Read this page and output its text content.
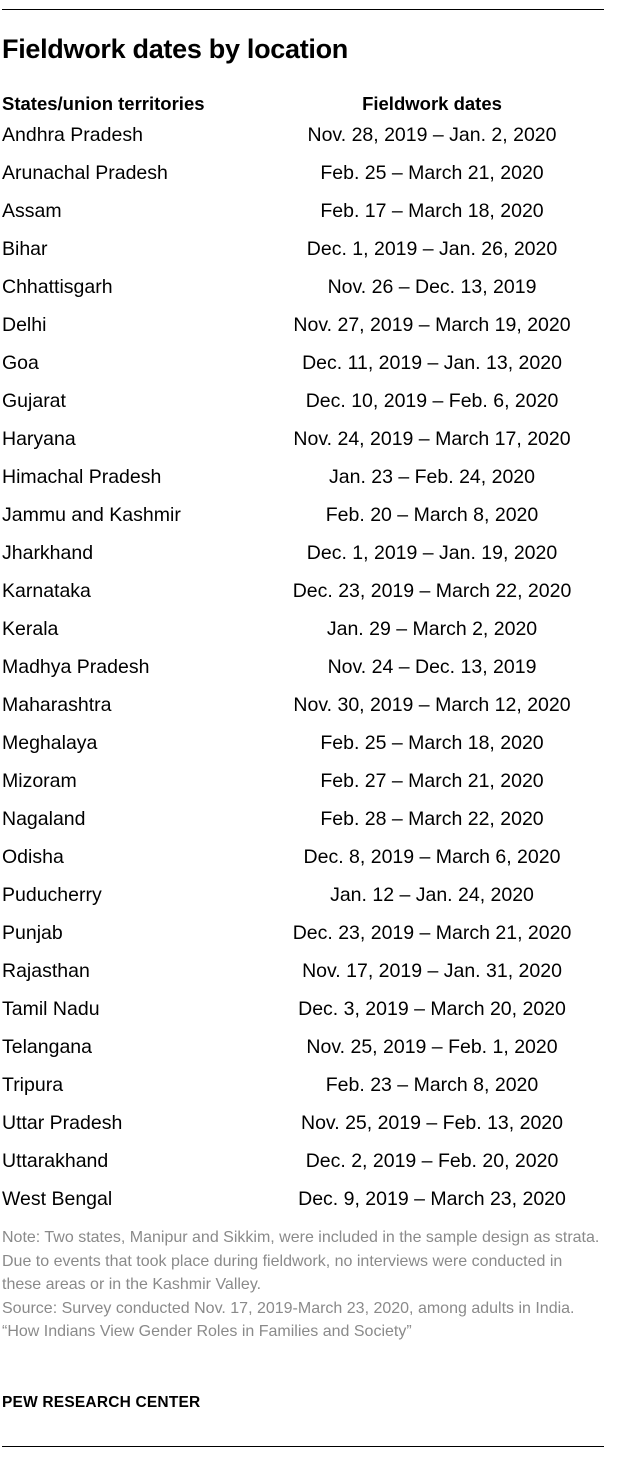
Fieldwork dates by location
States/union territories	Fieldwork dates
Andhra Pradesh	Nov. 28, 2019 – Jan. 2, 2020
Arunachal Pradesh	Feb. 25 – March 21, 2020
Assam	Feb. 17 – March 18, 2020
Bihar	Dec. 1, 2019 – Jan. 26, 2020
Chhattisgarh	Nov. 26 – Dec. 13, 2019
Delhi	Nov. 27, 2019 – March 19, 2020
Goa	Dec. 11, 2019 – Jan. 13, 2020
Gujarat	Dec. 10, 2019 – Feb. 6, 2020
Haryana	Nov. 24, 2019 – March 17, 2020
Himachal Pradesh	Jan. 23 – Feb. 24, 2020
Jammu and Kashmir	Feb. 20 – March 8, 2020
Jharkhand	Dec. 1, 2019 – Jan. 19, 2020
Karnataka	Dec. 23, 2019 – March 22, 2020
Kerala	Jan. 29 – March 2, 2020
Madhya Pradesh	Nov. 24 – Dec. 13, 2019
Maharashtra	Nov. 30, 2019 – March 12, 2020
Meghalaya	Feb. 25 – March 18, 2020
Mizoram	Feb. 27 – March 21, 2020
Nagaland	Feb. 28 – March 22, 2020
Odisha	Dec. 8, 2019 – March 6, 2020
Puducherry	Jan. 12 – Jan. 24, 2020
Punjab	Dec. 23, 2019 – March 21, 2020
Rajasthan	Nov. 17, 2019 – Jan. 31, 2020
Tamil Nadu	Dec. 3, 2019 – March 20, 2020
Telangana	Nov. 25, 2019 – Feb. 1, 2020
Tripura	Feb. 23 – March 8, 2020
Uttar Pradesh	Nov. 25, 2019 – Feb. 13, 2020
Uttarakhand	Dec. 2, 2019 – Feb. 20, 2020
West Bengal	Dec. 9, 2019 – March 23, 2020

Note: Two states, Manipur and Sikkim, were included in the sample design as strata. Due to events that took place during fieldwork, no interviews were conducted in these areas or in the Kashmir Valley.

Source: Survey conducted Nov. 17, 2019-March 23, 2020, among adults in India.

“How Indians View Gender Roles in Families and Society”

PEW RESEARCH CENTER
